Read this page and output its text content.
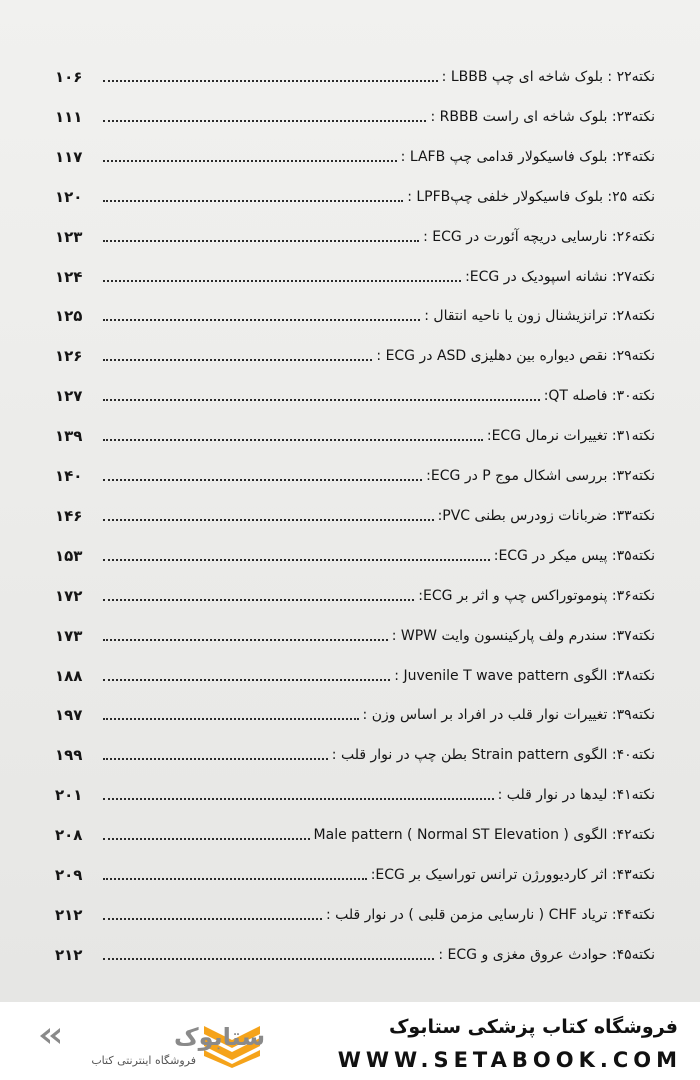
نکته۲۲ : بلوک شاخه ای چپ LBBB :
۱۰۶
نکته۲۳: بلوک شاخه ای راست RBBB :
۱۱۱
نکته۲۴: بلوک فاسیکولار قدامی چپ LAFB :
۱۱۷
نکته ۲۵: بلوک فاسیکولار خلفی چپLPFB :
۱۲۰
نکته۲۶: نارسایی دریچه آئورت در ECG :
۱۲۳
نکته۲۷: نشانه اسپودیک در ECG:
۱۲۴
نکته۲۸: ترانزیشنال زون یا ناحیه انتقال :
۱۲۵
نکته۲۹: نقص دیواره بین دهلیزی ASD در ECG :
۱۲۶
نکته۳۰: فاصله QT:
۱۲۷
نکته۳۱: تغییرات نرمال ECG:
۱۳۹
نکته۳۲: بررسی اشکال موج P در ECG:
۱۴۰
نکته۳۳: ضربانات زودرس بطنی PVC:
۱۴۶
نکته۳۵: پیس میکر در ECG:
۱۵۳
نکته۳۶: پنوموتوراکس چپ و اثر بر ECG:
۱۷۲
نکته۳۷: سندرم ولف پارکینسون وایت WPW :
۱۷۳
نکته۳۸: الگوی Juvenile T wave pattern :
۱۸۸
نکته۳۹: تغییرات نوار قلب در افراد بر اساس وزن :
۱۹۷
نکته۴۰: الگوی Strain pattern بطن چپ در نوار قلب :
۱۹۹
نکته۴۱: لیدها در نوار قلب :
۲۰۱
نکته۴۲: الگوی Male pattern ( Normal ST Elevation )
۲۰۸
نکته۴۳: اثر کاردیوورژن ترانس توراسیک بر ECG:
۲۰۹
نکته۴۴: ترياد CHF ( نارسایی مزمن قلبی ) در نوار قلب :
۲۱۲
نکته۴۵: حوادث عروق مغزی و ECG :
۲۱۲
فروشگاه کتاب پزشکی ستابوک
WWW.SETABOOK.COM
ستابوک
فروشگاه اینترنتی کتاب
